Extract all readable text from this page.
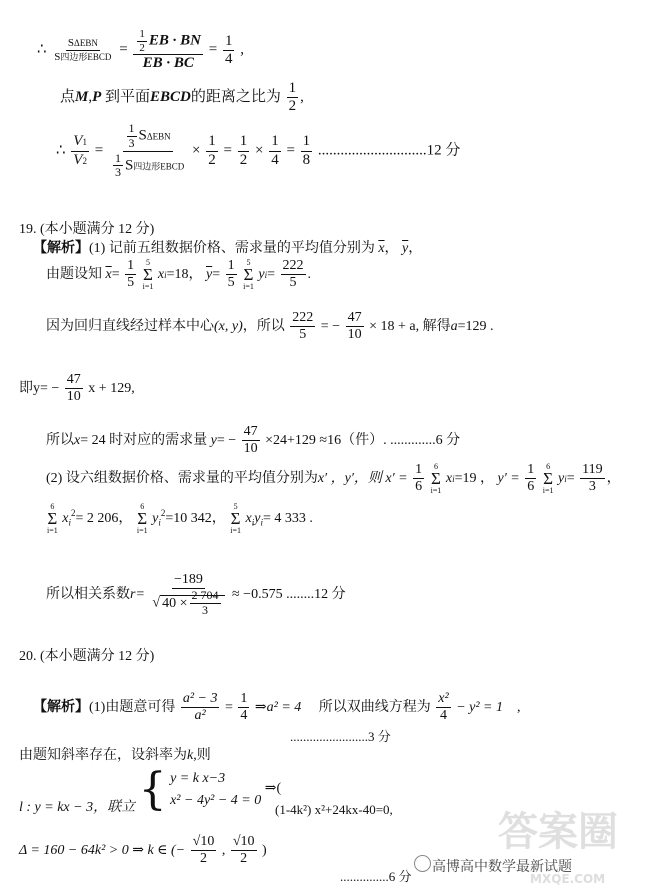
∴ $\frac{\text{SΔEBN}}{\text{S四边形EBCD}} = \frac{\frac{1}{2} EB \cdot BN}{EB \cdot BC} = \frac{1}{4}$ ,
点M,P 到平面EBCD的距离之比为 $\frac{1}{2}$ ,
∴ $\frac{V1}{V2} = \frac{\frac{1}{3} S\Delta EBN}{\frac{1}{3} S四边形EBCD} \times \frac{1}{2} = \frac{1}{2} \times \frac{1}{4} = \frac{1}{8} .............................12$ 分
19. (本小题满分 12 分)
【解析】(1) 记前五组数据价格、需求量的平均值分别为 $\overline{x}$， $\overline{y}$，
由题设知 $\overline{x}= \frac{1}{5}$
5
Σ
i=1
xi=18， $\overline{y}= \frac{1}{5}$
5
Σ
i=1
$yi= \frac{222}{5}$ .
因为回归直线经过样本中心(x, y)，所以 $\frac{222}{5}$ = − $\frac{47}{10} \times 18 + a$, 解得a=129 .
即$y= - \frac{47}{10}$ x + 129,
所以x= 24 时对应的需求量 $y= - \frac{47}{10} \times 24+129 \approx 16$（件）. .............6 分
(2) 设六组数据价格、需求量的平均值分别为x′ ，y′，则 $x' = \frac{1}{6}$
6
Σ
i=1
xi=19 ， $y' = \frac{1}{6}$
6
Σ
i=1
$yi= \frac{119}{3}$ ，
6
Σ
i=1
$x_i^2= 2$ 206，
6
Σ
i=1
$y_i^2=10$ 342，
5
Σ
i=1
$x_iy_i= 4$ 333 .
所以相关系数$r= \frac{-189}{√ 40 \times \frac{2 704}{3}} \approx -0.575$ ........12 分
20. (本小题满分 12 分)
【解析】(1)由题意可得 $\frac{\text{a² − 3}}{\text{a²}} = \frac{1}{4}$ ⇒a² = 4 所以双曲线方程为 $\frac{\text{x²}}{4} - y^2 = 1$ ,
........................3 分
由题知斜率存在，设斜率为k,则
l : y = kx − 3，联立 { y = k x−3
x² − 4y² − 4 = 0
⇒(
(1-4k²) x²+24kx-40=0,
Δ = 160 − 64k² > 0 ⇒ k ∈ (− $\frac{√10}{2}$ , $\frac{√10}{2}$ )
...............6 分
答案圈
高博高中数学最新试题
MXQE.COM
